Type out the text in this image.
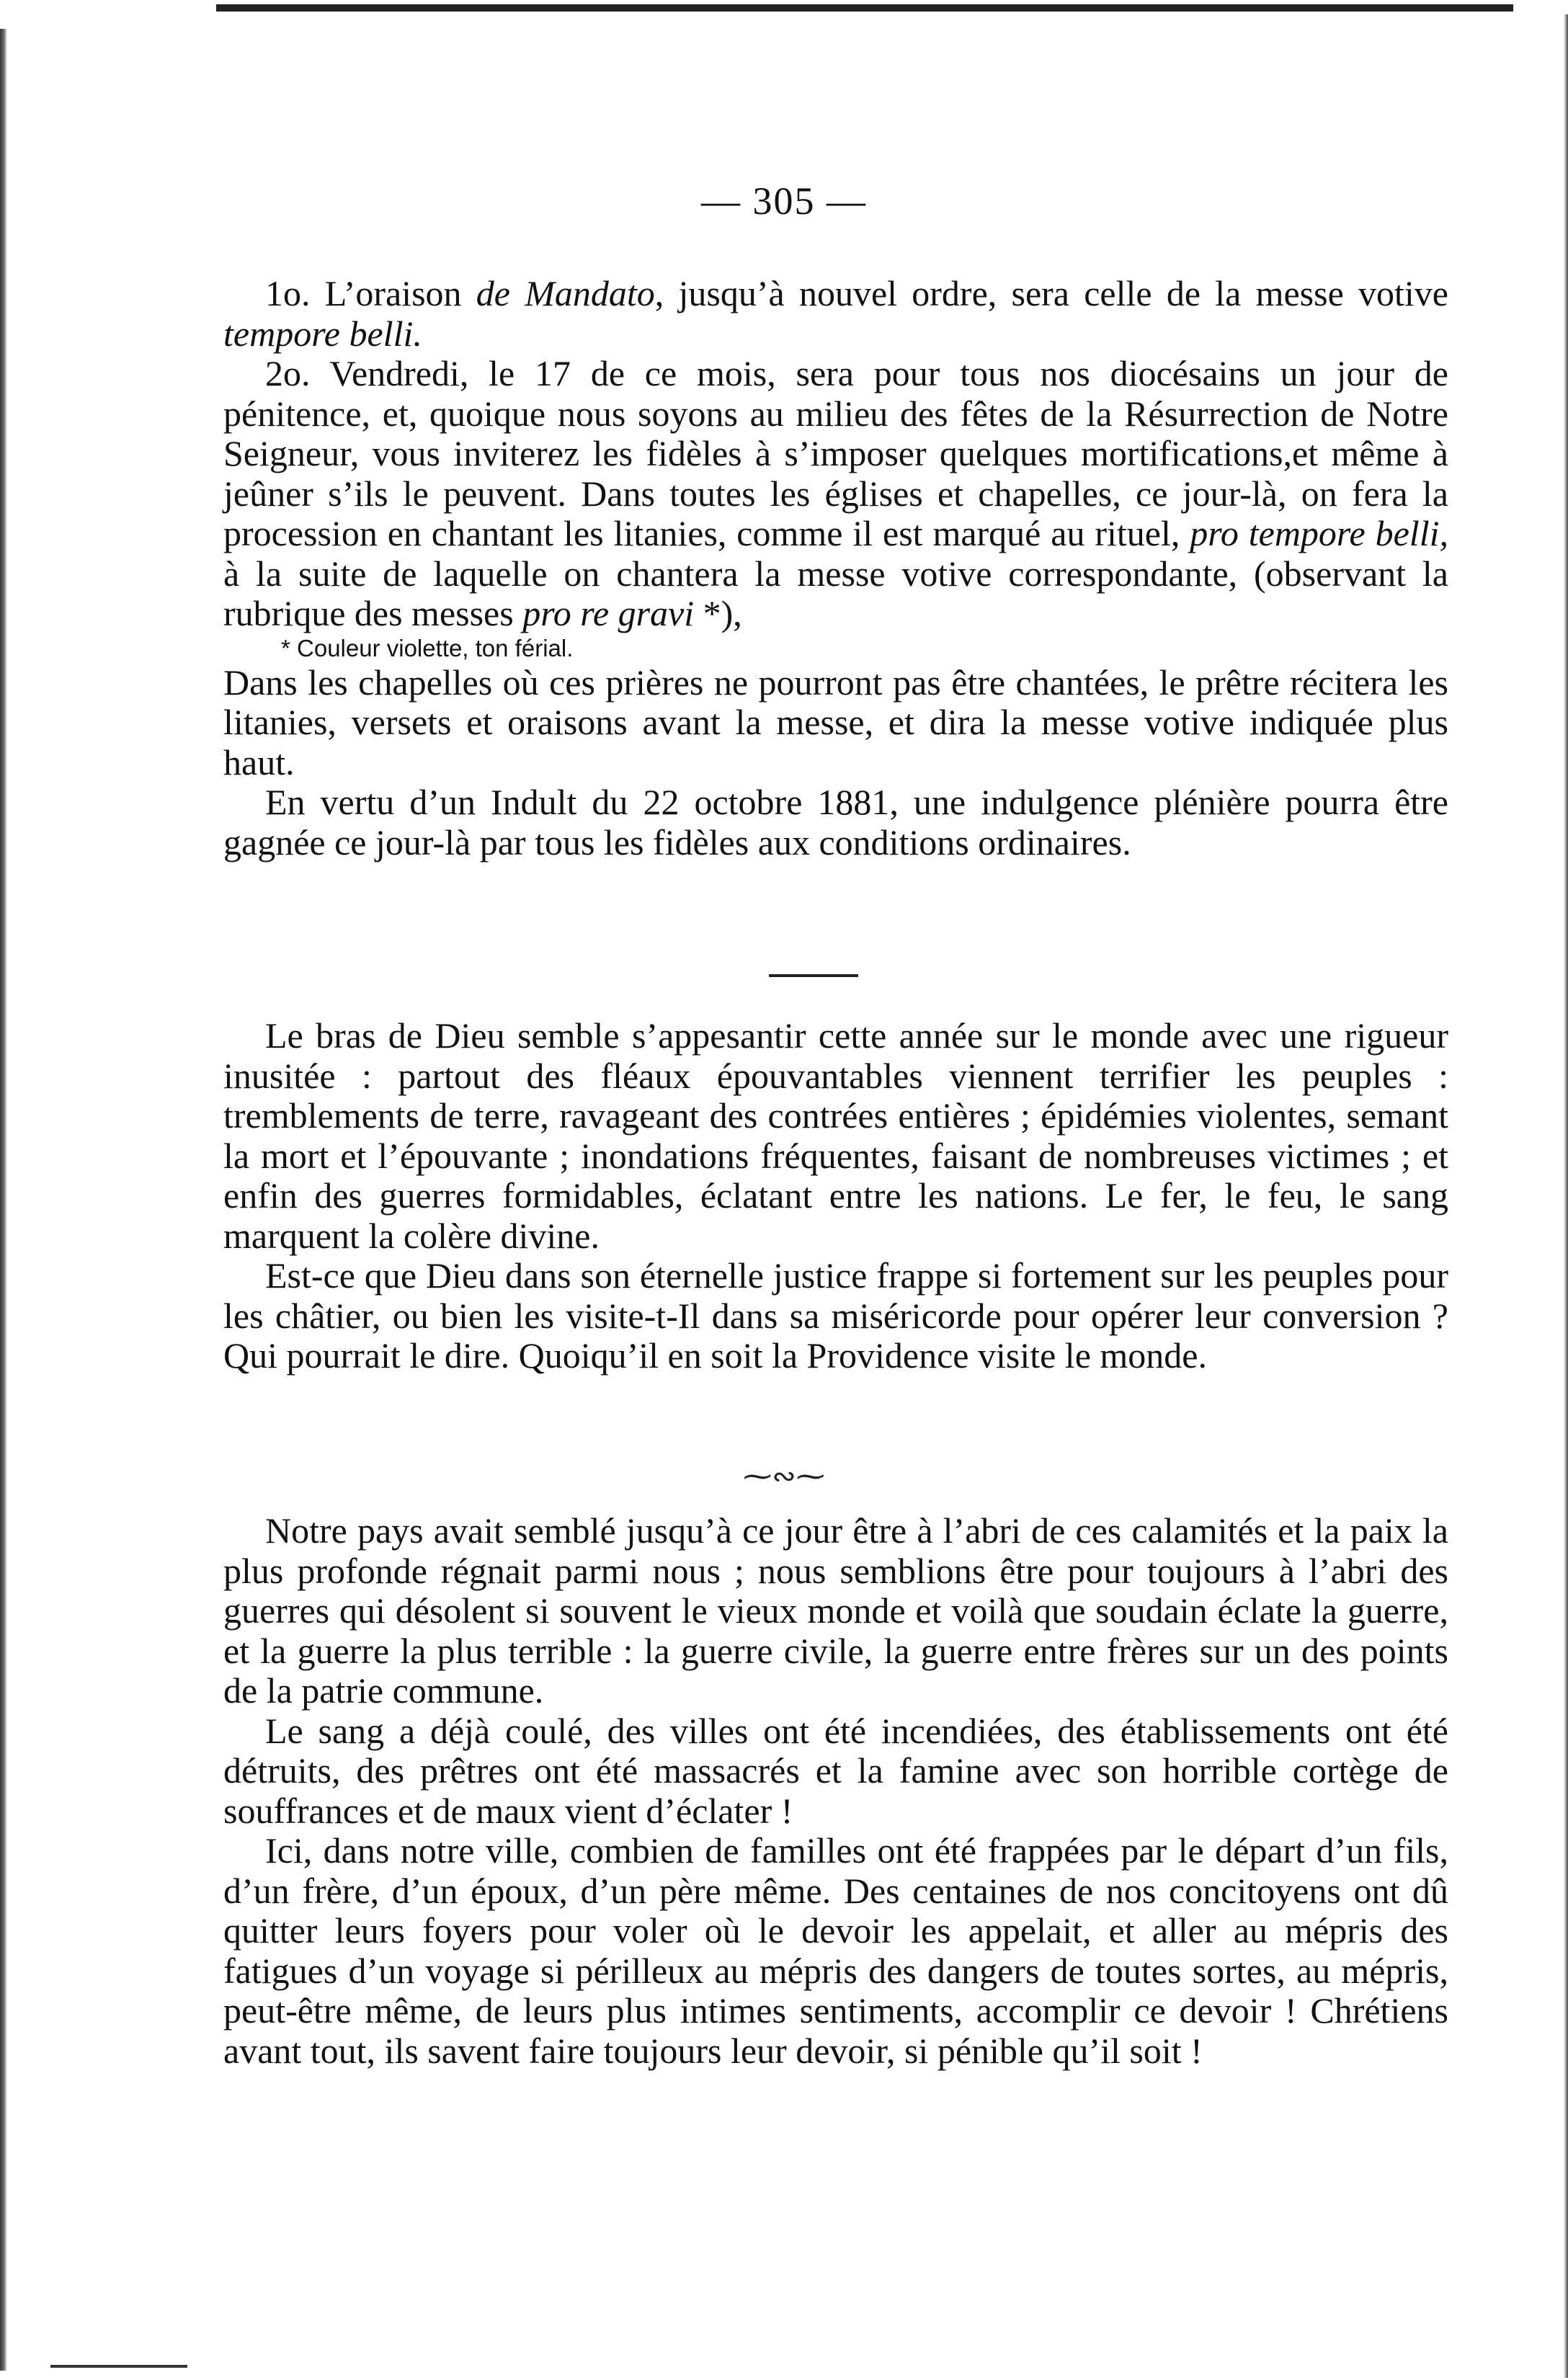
— 305 —

1o. L’oraison de Mandato, jusqu’à nouvel ordre, sera celle de la messe votive tempore belli.

2o. Vendredi, le 17 de ce mois, sera pour tous nos diocésains un jour de pénitence, et, quoique nous soyons au milieu des fêtes de la Résurrection de Notre Seigneur, vous inviterez les fidèles à s’imposer quelques mortifications,et même à jeûner s’ils le peuvent. Dans toutes les églises et chapelles, ce jour-là, on fera la procession en chantant les litanies, comme il est marqué au rituel, pro tempore belli, à la suite de laquelle on chantera la messe votive correspondante, (observant la rubrique des messes pro re gravi *),

* Couleur violette, ton férial.

Dans les chapelles où ces prières ne pourront pas être chantées, le prêtre récitera les litanies, versets et oraisons avant la messe, et dira la messe votive indiquée plus haut.

En vertu d’un Indult du 22 octobre 1881, une indulgence plénière pourra être gagnée ce jour-là par tous les fidèles aux conditions ordinaires.

Le bras de Dieu semble s’appesantir cette année sur le monde avec une rigueur inusitée : partout des fléaux épouvantables viennent terrifier les peuples : tremblements de terre, ravageant des contrées entières ; épidémies violentes, semant la mort et l’épouvante ; inondations fréquentes, faisant de nombreuses victimes ; et enfin des guerres formidables, éclatant entre les nations. Le fer, le feu, le sang marquent la colère divine.

Est-ce que Dieu dans son éternelle justice frappe si fortement sur les peuples pour les châtier, ou bien les visite-t-Il dans sa miséricorde pour opérer leur conversion ? Qui pourrait le dire. Quoiqu’il en soit la Providence visite le monde.

⁓∾⁓

Notre pays avait semblé jusqu’à ce jour être à l’abri de ces calamités et la paix la plus profonde régnait parmi nous ; nous semblions être pour toujours à l’abri des guerres qui désolent si souvent le vieux monde et voilà que soudain éclate la guerre, et la guerre la plus terrible : la guerre civile, la guerre entre frères sur un des points de la patrie commune.

Le sang a déjà coulé, des villes ont été incendiées, des établissements ont été détruits, des prêtres ont été massacrés et la famine avec son horrible cortège de souffrances et de maux vient d’éclater !

Ici, dans notre ville, combien de familles ont été frappées par le départ d’un fils, d’un frère, d’un époux, d’un père même. Des centaines de nos concitoyens ont dû quitter leurs foyers pour voler où le devoir les appelait, et aller au mépris des fatigues d’un voyage si périlleux au mépris des dangers de toutes sortes, au mépris, peut-être même, de leurs plus intimes sentiments, accomplir ce devoir ! Chrétiens avant tout, ils savent faire toujours leur devoir, si pénible qu’il soit !
